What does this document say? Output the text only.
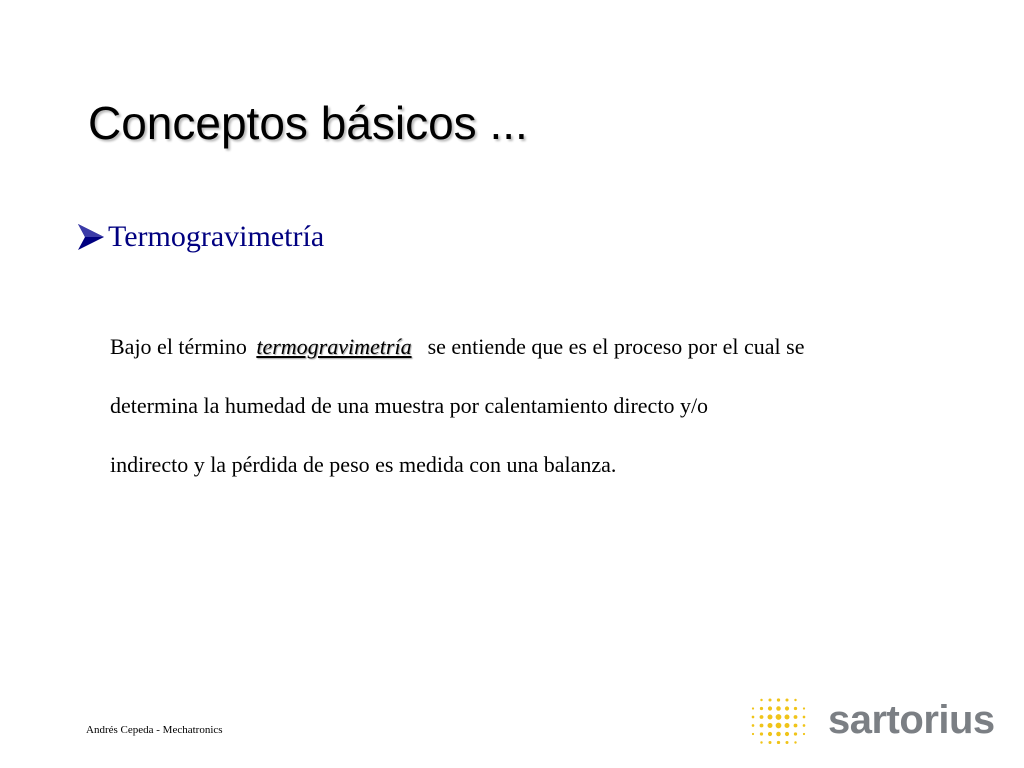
Conceptos básicos ...
Termogravimetría

Bajo el término termogravimetría se entiende que es el proceso por el cual se

determina la humedad de una muestra por calentamiento directo y/o

indirecto y la pérdida de peso es medida con una balanza.

Andrés Cepeda - Mechatronics	sartorius
